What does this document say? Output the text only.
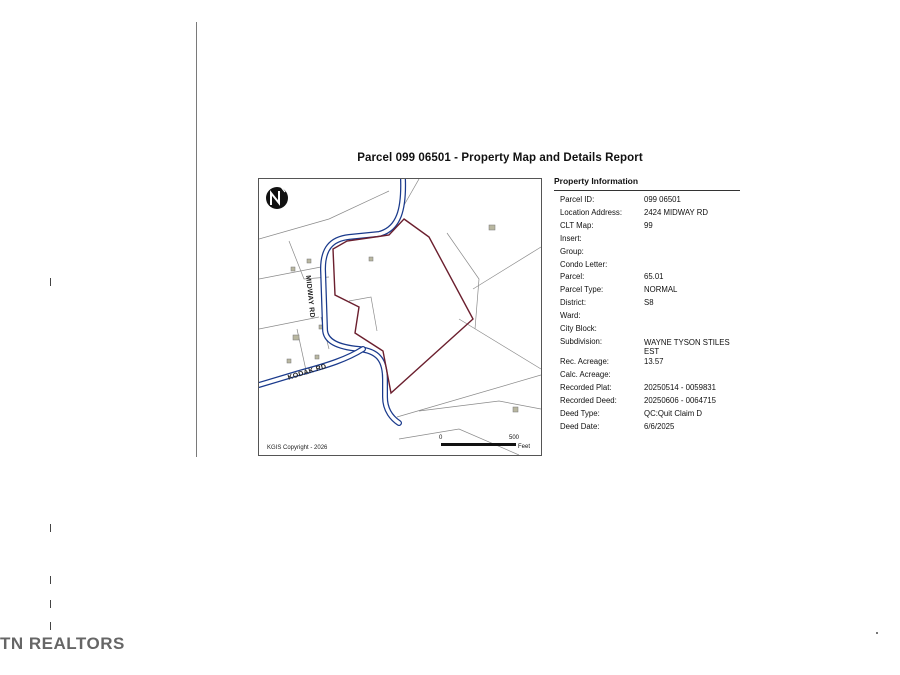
Parcel 099 06501 - Property Map and Details Report
MIDWAY RD
KODAK RD
KGIS Copyright - 2026
0	500
Feet
Property Information
Parcel ID:	099 06501
Location Address:	2424 MIDWAY RD
CLT Map:	99
Insert:
Group:
Condo Letter:
Parcel:	65.01
Parcel Type:	NORMAL
District:	S8
Ward:
City Block:
Subdivision:	WAYNE TYSON STILES EST
Rec. Acreage:	13.57
Calc. Acreage:
Recorded Plat:	20250514 - 0059831
Recorded Deed:	20250606 - 0064715
Deed Type:	QC:Quit Claim D
Deed Date:	6/6/2025
TN REALTORS
